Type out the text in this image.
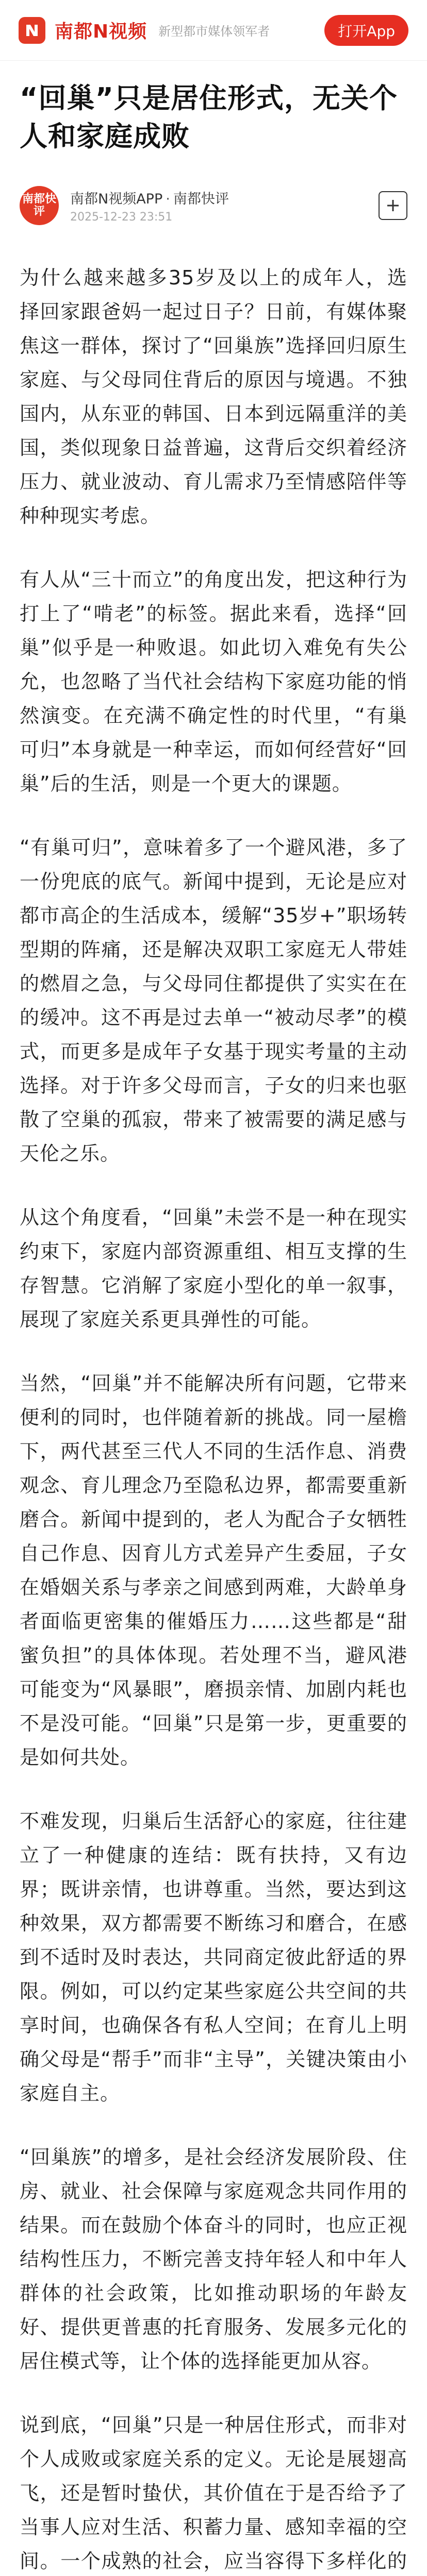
南都N视频 新型都市媒体领军者	打开App
“回巢”只是居住形式，无关个人和家庭成败
南都快评
南都N视频APP · 南都快评
2025-12-23 23:51

为什么越来越多35岁及以上的成年人，选择回家跟爸妈一起过日子？日前，有媒体聚焦这一群体，探讨了“回巢族”选择回归原生家庭、与父母同住背后的原因与境遇。不独国内，从东亚的韩国、日本到远隔重洋的美国，类似现象日益普遍，这背后交织着经济压力、就业波动、育儿需求乃至情感陪伴等种种现实考虑。

有人从“三十而立”的角度出发，把这种行为打上了“啃老”的标签。据此来看，选择“回巢”似乎是一种败退。如此切入难免有失公允，也忽略了当代社会结构下家庭功能的悄然演变。在充满不确定性的时代里，“有巢可归”本身就是一种幸运，而如何经营好“回巢”后的生活，则是一个更大的课题。

“有巢可归”，意味着多了一个避风港，多了一份兜底的底气。新闻中提到，无论是应对都市高企的生活成本，缓解“35岁+”职场转型期的阵痛，还是解决双职工家庭无人带娃的燃眉之急，与父母同住都提供了实实在在的缓冲。这不再是过去单一“被动尽孝”的模式，而更多是成年子女基于现实考量的主动选择。对于许多父母而言，子女的归来也驱散了空巢的孤寂，带来了被需要的满足感与天伦之乐。

从这个角度看，“回巢”未尝不是一种在现实约束下，家庭内部资源重组、相互支撑的生存智慧。它消解了家庭小型化的单一叙事，展现了家庭关系更具弹性的可能。

当然，“回巢”并不能解决所有问题，它带来便利的同时，也伴随着新的挑战。同一屋檐下，两代甚至三代人不同的生活作息、消费观念、育儿理念乃至隐私边界，都需要重新磨合。新闻中提到的，老人为配合子女牺牲自己作息、因育儿方式差异产生委屈，子女在婚姻关系与孝亲之间感到两难，大龄单身者面临更密集的催婚压力……这些都是“甜蜜负担”的具体体现。若处理不当，避风港可能变为“风暴眼”，磨损亲情、加剧内耗也不是没可能。“回巢”只是第一步，更重要的是如何共处。

不难发现，归巢后生活舒心的家庭，往往建立了一种健康的连结：既有扶持，又有边界；既讲亲情，也讲尊重。当然，要达到这种效果，双方都需要不断练习和磨合，在感到不适时及时表达，共同商定彼此舒适的界限。例如，可以约定某些家庭公共空间的共享时间，也确保各有私人空间；在育儿上明确父母是“帮手”而非“主导”，关键决策由小家庭自主。

“回巢族”的增多，是社会经济发展阶段、住房、就业、社会保障与家庭观念共同作用的结果。而在鼓励个体奋斗的同时，也应正视结构性压力，不断完善支持年轻人和中年人群体的社会政策，比如推动职场的年龄友好、提供更普惠的托育服务、发展多元化的居住模式等，让个体的选择能更加从容。

说到底，“回巢”只是一种居住形式，而非对个人成败或家庭关系的定义。无论是展翅高飞，还是暂时蛰伏，其价值在于是否给予了当事人应对生活、积蓄力量、感知幸福的空间。一个成熟的社会，应当容得下多样化的
